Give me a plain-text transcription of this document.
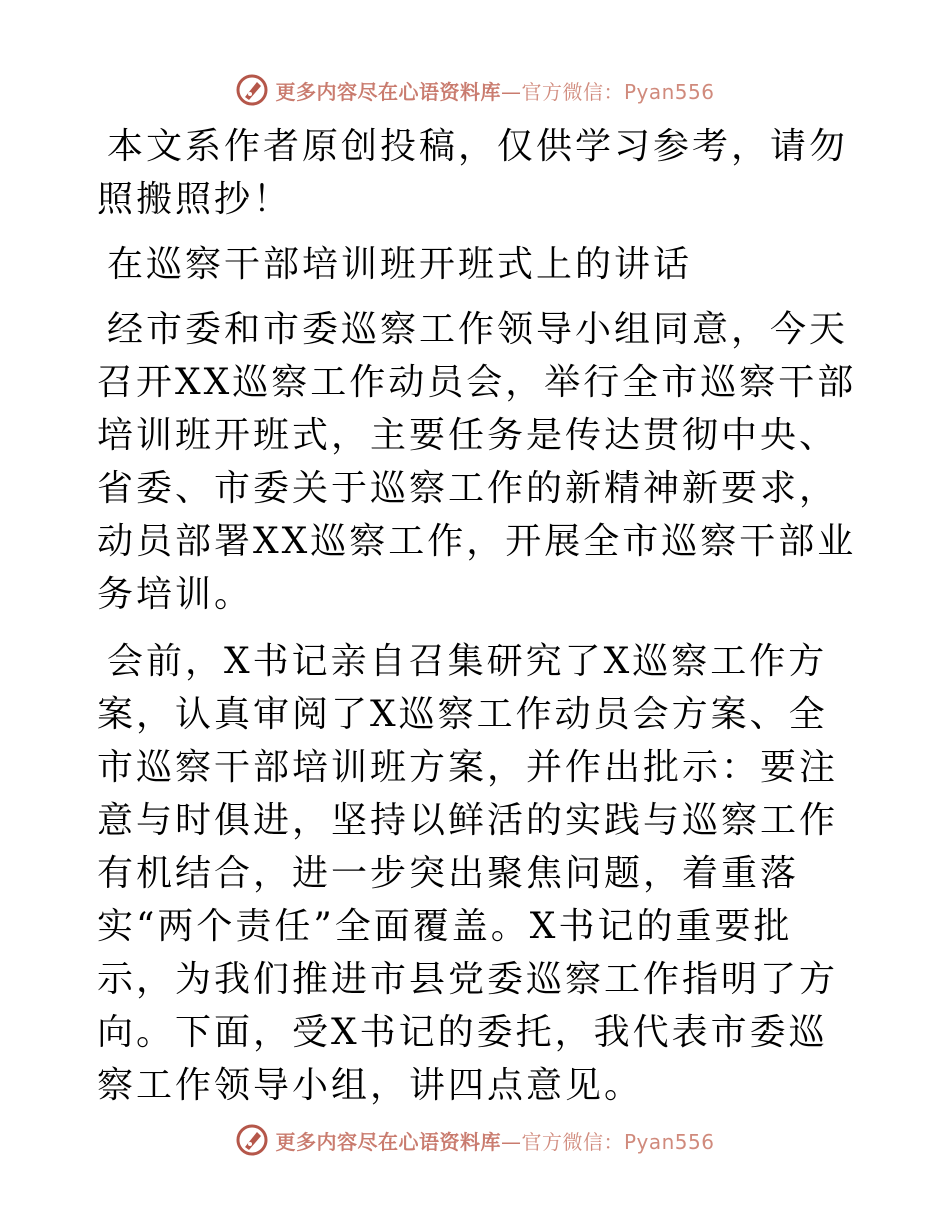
更多内容尽在心语资料库—官方微信：Pyan556

本文系作者原创投稿，仅供学习参考，请勿照搬照抄！

在巡察干部培训班开班式上的讲话

经市委和市委巡察工作领导小组同意，今天召开XX巡察工作动员会，举行全市巡察干部培训班开班式，主要任务是传达贯彻中央、省委、市委关于巡察工作的新精神新要求，动员部署XX巡察工作，开展全市巡察干部业务培训。

会前，X书记亲自召集研究了X巡察工作方案，认真审阅了X巡察工作动员会方案、全市巡察干部培训班方案，并作出批示：要注意与时俱进，坚持以鲜活的实践与巡察工作有机结合，进一步突出聚焦问题，着重落实“两个责任”全面覆盖。X书记的重要批示，为我们推进市县党委巡察工作指明了方向。下面，受X书记的委托，我代表市委巡察工作领导小组，讲四点意见。

更多内容尽在心语资料库—官方微信：Pyan556
